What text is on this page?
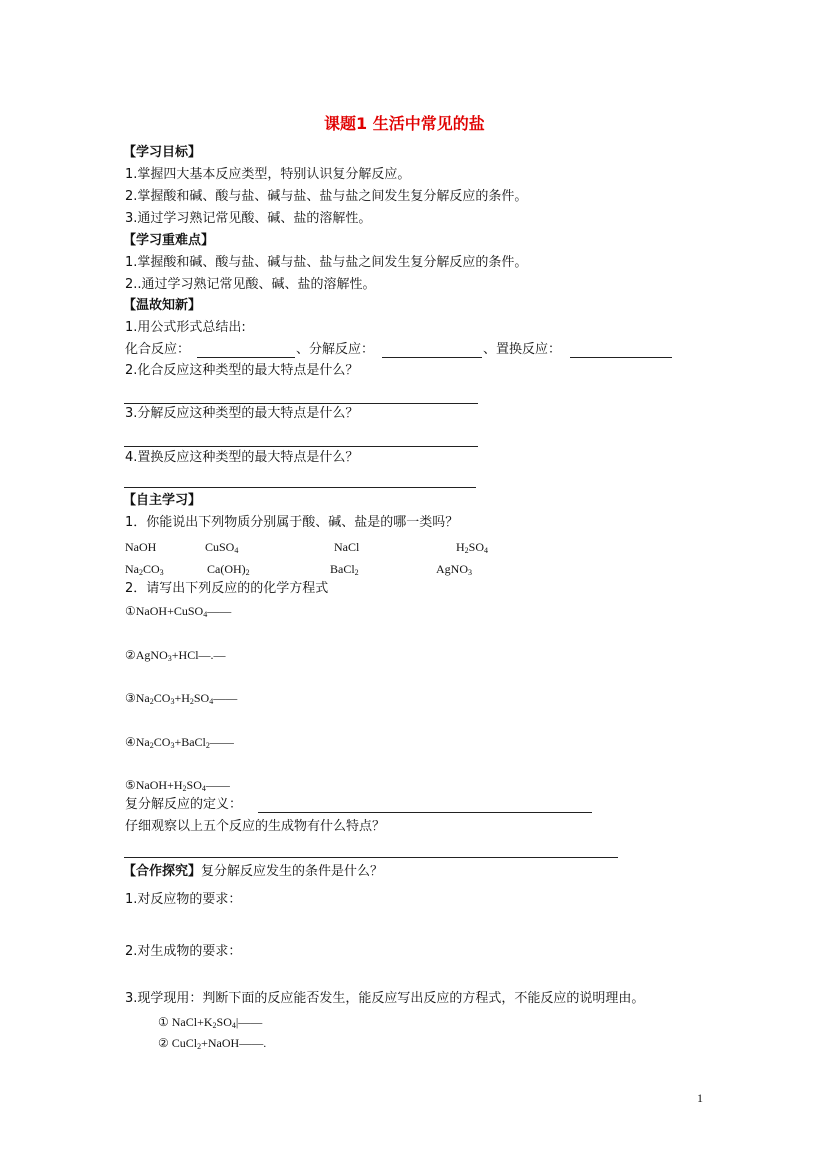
课题1 生活中常见的盐
【学习目标】
1.掌握四大基本反应类型，特别认识复分解反应。
2.掌握酸和碱、酸与盐、碱与盐、盐与盐之间发生复分解反应的条件。
3.通过学习熟记常见酸、碱、盐的溶解性。
【学习重难点】
1.掌握酸和碱、酸与盐、碱与盐、盐与盐之间发生复分解反应的条件。
2..通过学习熟记常见酸、碱、盐的溶解性。
【温故知新】
1.用公式形式总结出:
化合反应：	、分解反应：	、置换反应：
2.化合反应这种类型的最大特点是什么？
3.分解反应这种类型的最大特点是什么？
4.置换反应这种类型的最大特点是什么？
【自主学习】
1．你能说出下列物质分别属于酸、碱、盐是的哪一类吗？
NaOH	CuSO$_4$	NaCl	$H_2SO_4$
$Na_2CO_3$	$Ca(OH)_2$	BaCl$_2$	AgNO$_3$
2．请写出下列反应的的化学方程式
①NaOH+CuSO$_4$——
②AgNO$_3$+HCl—.—
$③Na_2CO_3+H_2SO_4——$
$④Na_2CO_3+BaCl_2——$
$⑤NaOH+H_2SO_4——$
复分解反应的定义：
仔细观察以上五个反应的生成物有什么特点？
【合作探究】复分解反应发生的条件是什么？
1.对反应物的要求：
2.对生成物的要求：
3.现学现用：判断下面的反应能否发生，能反应写出反应的方程式，不能反应的说明理由。
① $NaCl+K_2SO_4|——$
② CuCl$_2$+NaOH——.
1
